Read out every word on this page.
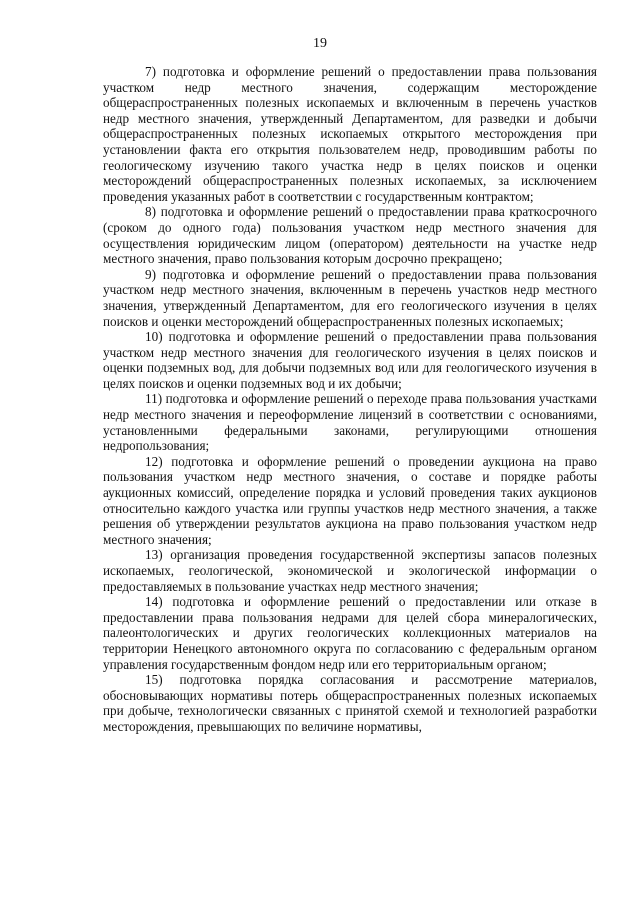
19

7) подготовка и оформление решений о предоставлении права пользования участком недр местного значения, содержащим месторождение общераспространенных полезных ископаемых и включенным в перечень участков недр местного значения, утвержденный Департаментом, для разведки и добычи общераспространенных полезных ископаемых открытого месторождения при установлении факта его открытия пользователем недр, проводившим работы по геологическому изучению такого участка недр в целях поисков и оценки месторождений общераспространенных полезных ископаемых, за исключением проведения указанных работ в соответствии с государственным контрактом;

8) подготовка и оформление решений о предоставлении права краткосрочного (сроком до одного года) пользования участком недр местного значения для осуществления юридическим лицом (оператором) деятельности на участке недр местного значения, право пользования которым досрочно прекращено;

9) подготовка и оформление решений о предоставлении права пользования участком недр местного значения, включенным в перечень участков недр местного значения, утвержденный Департаментом, для его геологического изучения в целях поисков и оценки месторождений общераспространенных полезных ископаемых;

10) подготовка и оформление решений о предоставлении права пользования участком недр местного значения для геологического изучения в целях поисков и оценки подземных вод, для добычи подземных вод или для геологического изучения в целях поисков и оценки подземных вод и их добычи;

11) подготовка и оформление решений о переходе права пользования участками недр местного значения и переоформление лицензий в соответствии с основаниями, установленными федеральными законами, регулирующими отношения недропользования;

12) подготовка и оформление решений о проведении аукциона на право пользования участком недр местного значения, о составе и порядке работы аукционных комиссий, определение порядка и условий проведения таких аукционов относительно каждого участка или группы участков недр местного значения, а также решения об утверждении результатов аукциона на право пользования участком недр местного значения;

13) организация проведения государственной экспертизы запасов полезных ископаемых, геологической, экономической и экологической информации о предоставляемых в пользование участках недр местного значения;

14) подготовка и оформление решений о предоставлении или отказе в предоставлении права пользования недрами для целей сбора минералогических, палеонтологических и других геологических коллекционных материалов на территории Ненецкого автономного округа по согласованию с федеральным органом управления государственным фондом недр или его территориальным органом;

15) подготовка порядка согласования и рассмотрение материалов, обосновывающих нормативы потерь общераспространенных полезных ископаемых при добыче, технологически связанных с принятой схемой и технологией разработки месторождения, превышающих по величине нормативы,
